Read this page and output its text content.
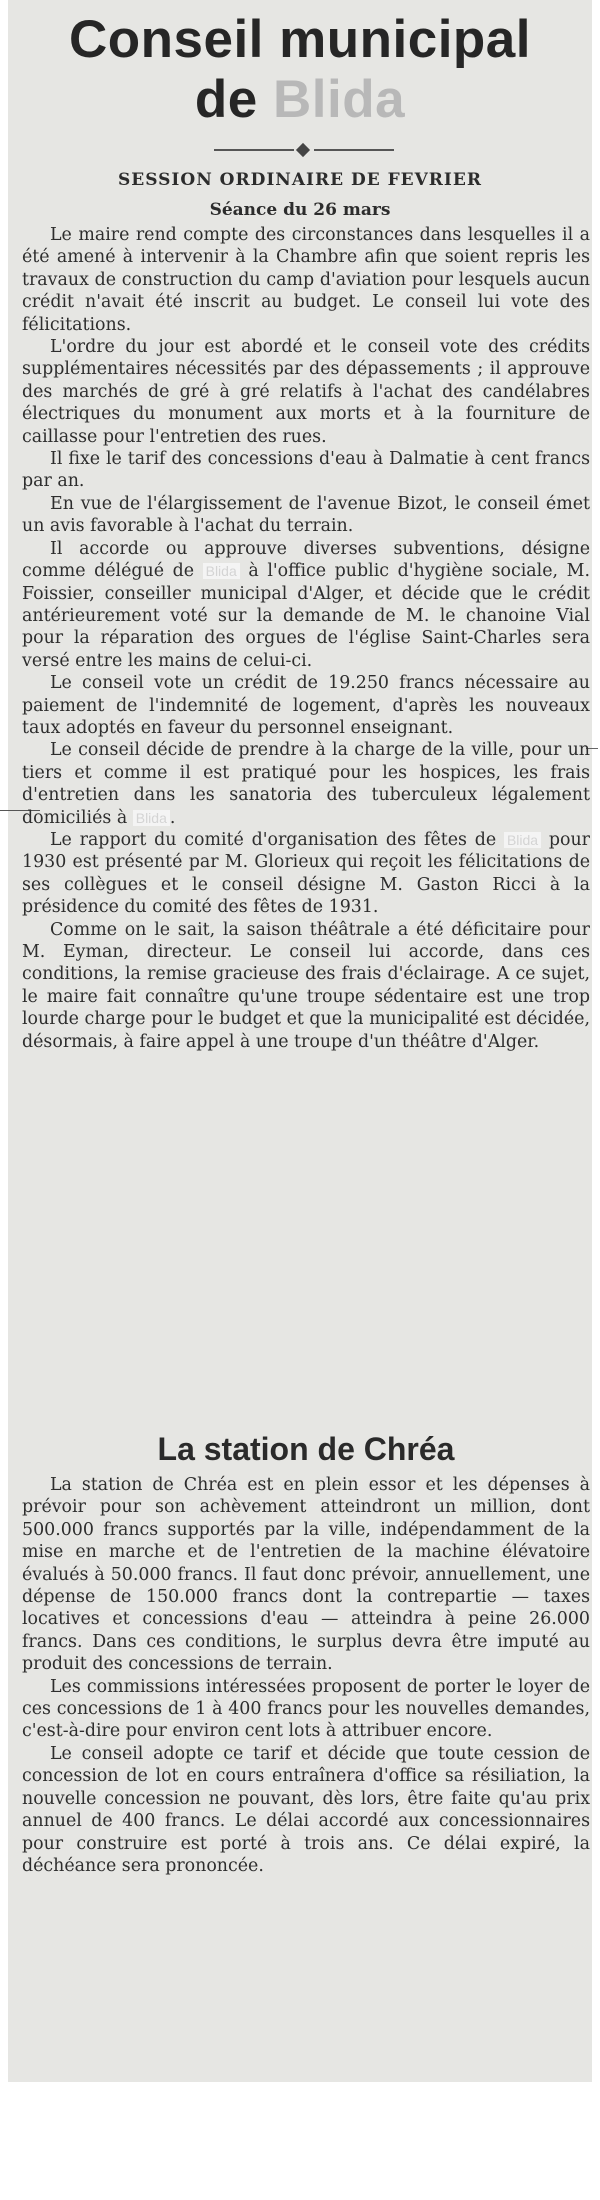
Conseil municipal
de Blida
SESSION ORDINAIRE DE FEVRIER
Séance du 26 mars

Le maire rend compte des circonstances dans lesquelles il a été amené à intervenir à la Chambre afin que soient repris les travaux de construction du camp d'aviation pour lesquels aucun crédit n'avait été inscrit au budget. Le conseil lui vote des félicitations.

L'ordre du jour est abordé et le conseil vote des crédits supplémentaires nécessités par des dépassements ; il approuve des marchés de gré à gré relatifs à l'achat des candélabres électriques du monument aux morts et à la fourniture de caillasse pour l'entretien des rues.

Il fixe le tarif des concessions d'eau à Dalmatie à cent francs par an.

En vue de l'élargissement de l'avenue Bizot, le conseil émet un avis favorable à l'achat du terrain.

Il accorde ou approuve diverses subventions, désigne comme délégué de Blida à l'office public d'hygiène sociale, M. Foissier, conseiller municipal d'Alger, et décide que le crédit antérieurement voté sur la demande de M. le chanoine Vial pour la réparation des orgues de l'église Saint-Charles sera versé entre les mains de celui-ci.

Le conseil vote un crédit de 19.250 francs nécessaire au paiement de l'indemnité de logement, d'après les nouveaux taux adoptés en faveur du personnel enseignant.

Le conseil décide de prendre à la charge de la ville, pour un tiers et comme il est pratiqué pour les hospices, les frais d'entretien dans les sanatoria des tuberculeux légalement domiciliés à Blida .

Le rapport du comité d'organisation des fêtes de Blida pour 1930 est présenté par M. Glorieux qui reçoit les félicitations de ses collègues et le conseil désigne M. Gaston Ricci à la présidence du comité des fêtes de 1931.

Comme on le sait, la saison théâtrale a été déficitaire pour M. Eyman, directeur. Le conseil lui accorde, dans ces conditions, la remise gracieuse des frais d'éclairage. A ce sujet, le maire fait connaître qu'une troupe sédentaire est une trop lourde charge pour le budget et que la municipalité est décidée, désormais, à faire appel à une troupe d'un théâtre d'Alger.

La station de Chréa

La station de Chréa est en plein essor et les dépenses à prévoir pour son achèvement atteindront un million, dont 500.000 francs supportés par la ville, indépendamment de la mise en marche et de l'entretien de la machine élévatoire évalués à 50.000 francs. Il faut donc prévoir, annuellement, une dépense de 150.000 francs dont la contrepartie — taxes locatives et concessions d'eau — atteindra à peine 26.000 francs. Dans ces conditions, le surplus devra être imputé au produit des concessions de terrain.

Les commissions intéressées proposent de porter le loyer de ces concessions de 1 à 400 francs pour les nouvelles demandes, c'est-à-dire pour environ cent lots à attribuer encore.

Le conseil adopte ce tarif et décide que toute cession de concession de lot en cours entraînera d'office sa résiliation, la nouvelle concession ne pouvant, dès lors, être faite qu'au prix annuel de 400 francs. Le délai accordé aux concessionnaires pour construire est porté à trois ans. Ce délai expiré, la déchéance sera prononcée.
